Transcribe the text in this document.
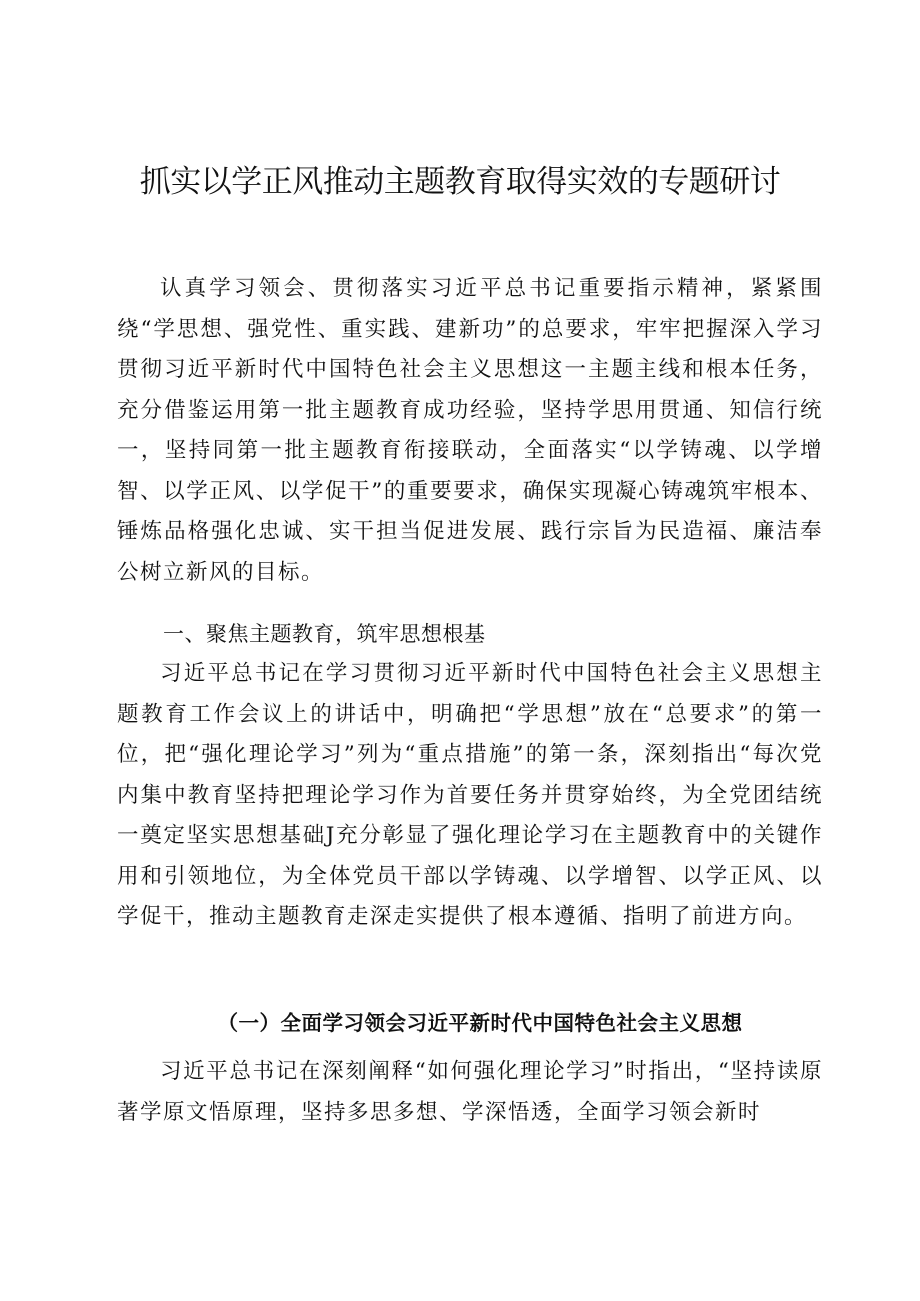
抓实以学正风推动主题教育取得实效的专题研讨

认真学习领会、贯彻落实习近平总书记重要指示精神，紧紧围绕“学思想、强党性、重实践、建新功”的总要求，牢牢把握深入学习贯彻习近平新时代中国特色社会主义思想这一主题主线和根本任务，充分借鉴运用第一批主题教育成功经验，坚持学思用贯通、知信行统一，坚持同第一批主题教育衔接联动，全面落实“以学铸魂、以学增智、以学正风、以学促干”的重要要求，确保实现凝心铸魂筑牢根本、锤炼品格强化忠诚、实干担当促进发展、践行宗旨为民造福、廉洁奉公树立新风的目标。

一、聚焦主题教育，筑牢思想根基

习近平总书记在学习贯彻习近平新时代中国特色社会主义思想主题教育工作会议上的讲话中，明确把“学思想”放在“总要求”的第一位，把“强化理论学习”列为“重点措施”的第一条，深刻指出“每次党内集中教育坚持把理论学习作为首要任务并贯穿始终，为全党团结统一奠定坚实思想基础J充分彰显了强化理论学习在主题教育中的关键作用和引领地位，为全体党员干部以学铸魂、以学增智、以学正风、以学促干，推动主题教育走深走实提供了根本遵循、指明了前进方向。

（一）全面学习领会习近平新时代中国特色社会主义思想

习近平总书记在深刻阐释“如何强化理论学习”时指出，“坚持读原著学原文悟原理，坚持多思多想、学深悟透，全面学习领会新时
